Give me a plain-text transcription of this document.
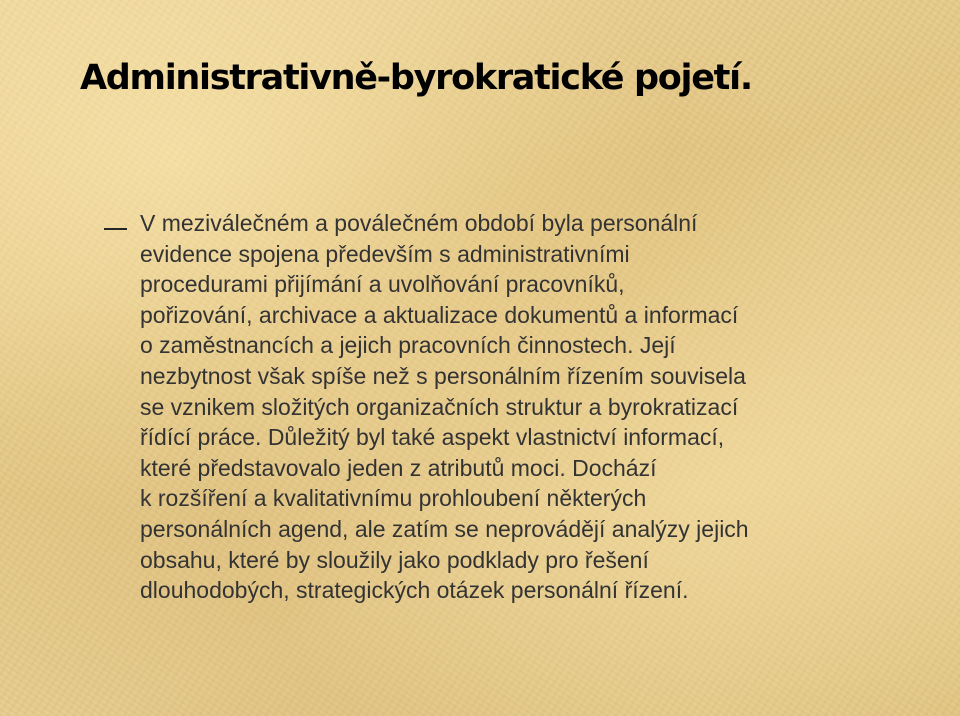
Administrativně-byrokratické pojetí.
V meziválečném a poválečném období byla personální
evidence spojena především s administrativními
procedurami přijímání a uvolňování pracovníků,
pořizování, archivace a aktualizace dokumentů a informací
o zaměstnancích a jejich pracovních činnostech. Její
nezbytnost však spíše než s personálním řízením souvisela
se vznikem složitých organizačních struktur a byrokratizací
řídící práce. Důležitý byl také aspekt vlastnictví informací,
které představovalo jeden z atributů moci. Dochází
k rozšíření a kvalitativnímu prohloubení některých
personálních agend, ale zatím se neprovádějí analýzy jejich
obsahu, které by sloužily jako podklady pro řešení
dlouhodobých, strategických otázek personální řízení.
